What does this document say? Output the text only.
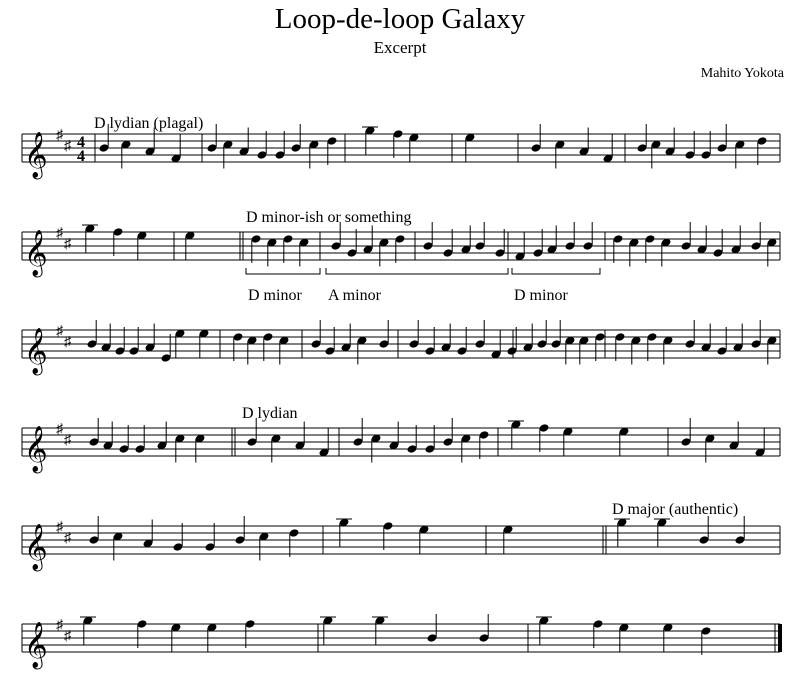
Loop-de-loop Galaxy
Excerpt
Mahito Yokota
𝄞 ♯
♯ 4
4
𝄞 ♯
♯
𝄞 ♯
♯
𝄞 ♯
♯
𝄞 ♯
♯
𝄞 ♯
♯
D lydian (plagal)
D minor-ish or something
D minor A minor	D minor
D lydian
D major (authentic)
